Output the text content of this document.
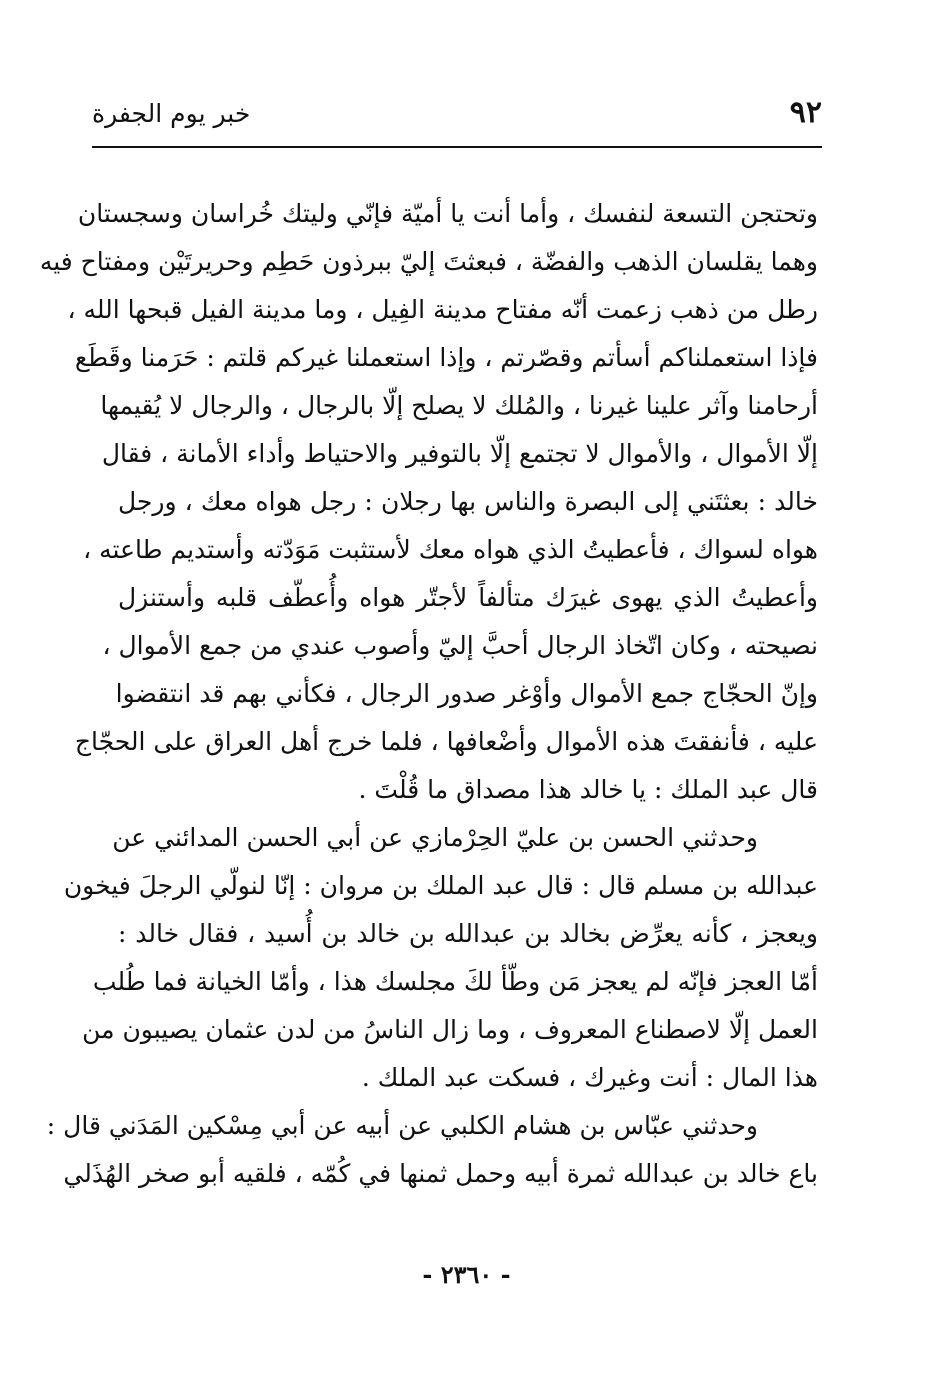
٩٢
خبر يوم الجفرة

وتحتجن التسعة لنفسك ، وأما أنت يا أميّة فإنّي وليتك خُراسان وسجستان
وهما يقلسان الذهب والفضّة ، فبعثتَ إليّ ببرذون حَطِم وحريرتَيْن ومفتاح فيه
رطل من ذهب زعمت أنّه مفتاح مدينة الفِيل ، وما مدينة الفيل قبحها الله ،
فإذا استعملناكم أسأتم وقصّرتم ، وإذا استعملنا غيركم قلتم : حَرَمنا وقَطَع
أرحامنا وآثر علينا غيرنا ، والمُلك لا يصلح إلّا بالرجال ، والرجال لا يُقيمها
إلّا الأموال ، والأموال لا تجتمع إلّا بالتوفير والاحتياط وأداء الأمانة ، فقال
خالد : بعثتَني إلى البصرة والناس بها رجلان : رجل هواه معك ، ورجل
هواه لسواك ، فأعطيتُ الذي هواه معك لأستثبت مَوَدّته وأستديم طاعته ،
وأعطيتُ الذي يهوى غيرَك متألفاً لأجتّر هواه وأُعطّف قلبه وأستنزل
نصيحته ، وكان اتّخاذ الرجال أحبَّ إليّ وأصوب عندي من جمع الأموال ،
وإنّ الحجّاج جمع الأموال وأوْغر صدور الرجال ، فكأني بهم قد انتقضوا
عليه ، فأنفقتَ هذه الأموال وأضْعافها ، فلما خرج أهل العراق على الحجّاج
قال عبد الملك : يا خالد هذا مصداق ما قُلْتَ .

وحدثني الحسن بن عليّ الحِرْمازي عن أبي الحسن المدائني عن
عبدالله بن مسلم قال : قال عبد الملك بن مروان : إنّا لنولّي الرجلَ فيخون
ويعجز ، كأنه يعرِّض بخالد بن عبدالله بن خالد بن أُسيد ، فقال خالد :
أمّا العجز فإنّه لم يعجز مَن وطّأ لكَ مجلسك هذا ، وأمّا الخيانة فما طُلب
العمل إلّا لاصطناع المعروف ، وما زال الناسُ من لدن عثمان يصيبون من
هذا المال : أنت وغيرك ، فسكت عبد الملك .

وحدثني عبّاس بن هشام الكلبي عن أبيه عن أبي مِسْكين المَدَني قال :
باع خالد بن عبدالله ثمرة أبيه وحمل ثمنها في كُمّه ، فلقيه أبو صخر الهُذَلي

- ٢٣٦٠ -
